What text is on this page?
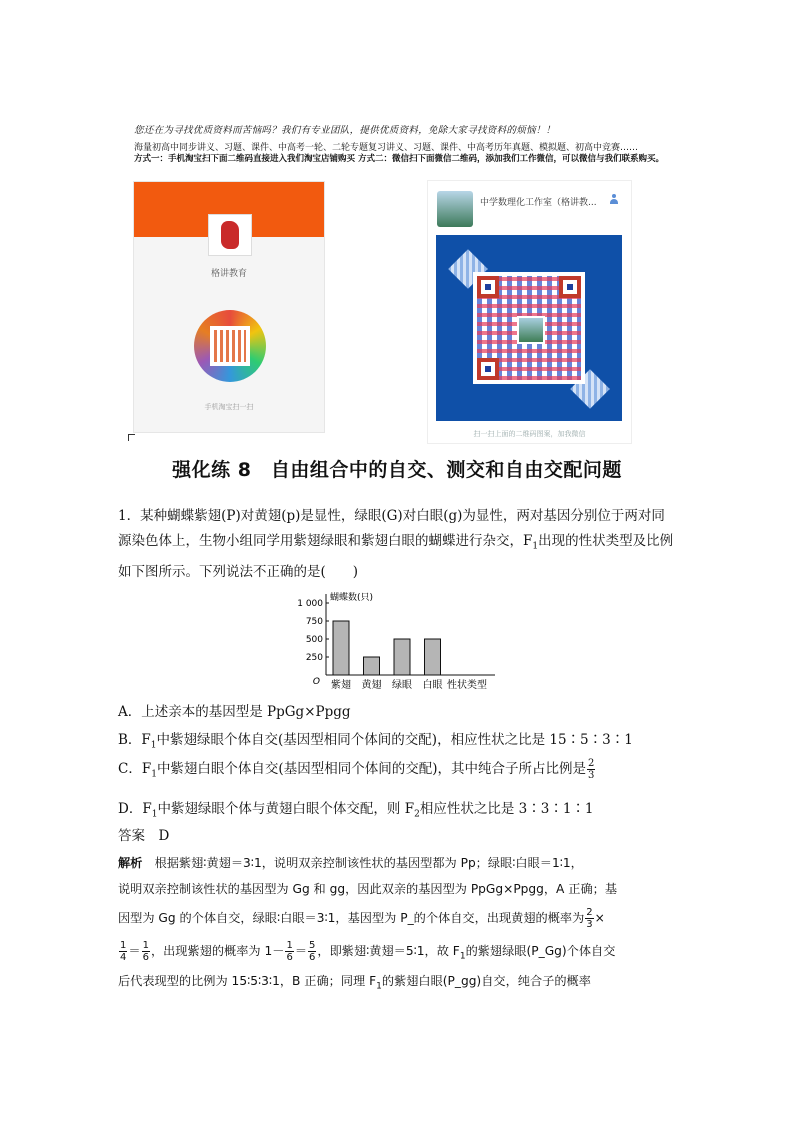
您还在为寻找优质资料而苦恼吗？我们有专业团队，提供优质资料，免除大家寻找资料的烦恼！！
海量初高中同步讲义、习题、课件、中高考一轮、二轮专题复习讲义、习题、课件、中高考历年真题、模拟题、初高中竞赛……
方式一：手机淘宝扫下面二维码直接进入我们淘宝店铺购买 方式二：微信扫下面微信二维码，添加我们工作微信，可以微信与我们联系购买。
格讲教育
手机淘宝扫一扫
中学数理化工作室（格讲教...
扫一扫上面的二维码图案，加我微信
强化练 8　自由组合中的自交、测交和自由交配问题
1．某种蝴蝶紫翅(P)对黄翅(p)是显性，绿眼(G)对白眼(g)为显性，两对基因分别位于两对同源染色体上，生物小组同学用紫翅绿眼和紫翅白眼的蝴蝶进行杂交，$F_1$出现的性状类型及比例如下图所示。下列说法不正确的是(　　)
O
蝴蝶数(只)
250
500
750
1 000
紫翅 黄翅 绿眼 白眼 性状类型
A．上述亲本的基因型是 PpGg×Ppgg
B．$F_1$中紫翅绿眼个体自交(基因型相同个体间的交配)，相应性状之比是 15∶5∶3∶1
C．$F_1$中紫翅白眼个体自交(基因型相同个体间的交配)，其中纯合子所占比例是 $\frac{2}{3}$
D．$F_1$中紫翅绿眼个体与黄翅白眼个体交配，则 $F_2$相应性状之比是 3∶3∶1∶1
答案　 D
解析　 根据紫翅∶黄翅＝3∶1，说明双亲控制该性状的基因型都为 Pp；绿眼∶白眼＝1∶1，
说明双亲控制该性状的基因型为 Gg 和 gg，因此双亲的基因型为 PpGg×Ppgg，A 正确；基
因型为 Gg 的个体自交，绿眼∶白眼＝3∶1，基因型为 P_的个体自交，出现黄翅的概率为 $\frac{2}{3}$ ×
$\frac{1}{4} = \frac{1}{6}$ ，出现紫翅的概率为 $1- \frac{1}{6} = \frac{5}{6}$ ，即紫翅∶黄翅＝5∶1，故 $F_1$的紫翅绿眼(P_Gg)个体自交
后代表现型的比例为 15∶5∶3∶1，B 正确；同理 $F_1$的紫翅白眼(P_gg)自交，纯合子的概率
